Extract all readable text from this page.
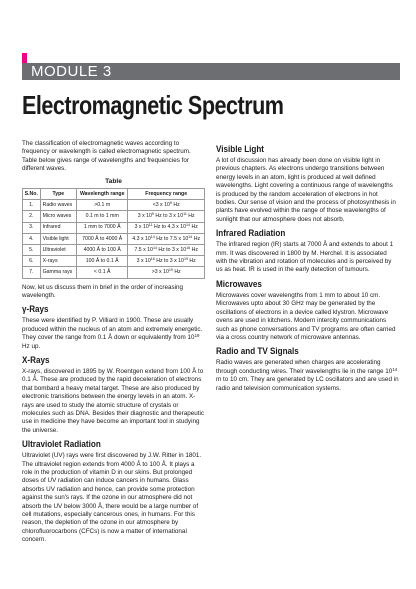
MODULE 3
Electromagnetic Spectrum

The classification of electromagnetic waves according to frequency or wavelength is called electromagnetic spectrum. Table below gives range of wavelengths and frequencies for different waves.

Table
S.No.	Type	Wavelength range	Frequency range
1.	Radio waves	>0.1 m	<3 x $10^9$ Hz
2.	Micro waves	0.1 m to 1 mm	3 x $10^9$ Hz to 3 x $10^{11}$ Hz
3.	Infrared	1 mm to 7000 Å	3 x $10^{11}$ Hz to 4.3 x $10^{14}$ Hz
4.	Visible light	7000 Å to 4000 Å	4.3 x $10^{14}$ Hz to 7.5 x $10^{14}$ Hz
5.	Ultraviolet	4000 Å to 100 Å	7.5 x $10^{14}$ Hz to 3 x $10^{16}$ Hz
6.	X-rays	100 Å to 0.1 Å	3 x $10^{16}$ Hz to 3 x $10^{19}$ Hz
7.	Gamma rays	< 0.1 Å	>3 x $10^{19}$ Hz

Now, let us discuss them in brief in the order of increasing wavelength.

γ-Rays

These were identified by P. Villiard in 1900. These are usually produced within the nucleus of an atom and extremely energetic. They cover the range from 0.1 Å down or equivalently from $10^{19}$ Hz up.

X-Rays

X-rays, discovered in 1895 by W. Roentgen extend from 100 Å to 0.1 Å. These are produced by the rapid deceleration of electrons that bombard a heavy metal target. These are also produced by electronic transitions between the energy levels in an atom. X-rays are used to study the atomic structure of crystals or molecules such as DNA. Besides their diagnostic and therapeutic use in medicine they have become an important tool in studying the universe.

Ultraviolet Radiation

Ultraviolet (UV) rays were first discovered by J.W. Ritter in 1801. The ultraviolet region extends from 4000 Å to 100 Å. It plays a role in the production of vitamin D in our skins. But prolonged doses of UV radiation can induce cancers in humans. Glass absorbs UV radiation and hence, can provide some protection against the sun's rays. If the ozone in our atmosphere did not absorb the UV below 3000 Å, there would be a large number of cell mutations, especially cancerous ones, in humans. For this reason, the depletion of the ozone in our atmosphere by chlorofluorocarbons (CFCs) is now a matter of international concern.

Visible Light

A lot of discussion has already been done on visible light in previous chapters. As electrons undergo transitions between energy levels in an atom, light is produced at well defined wavelengths. Light covering a continuous range of wavelengths is produced by the random acceleration of electrons in hot bodies. Our sense of vision and the process of photosynthesis in plants have evolved within the range of those wavelengths of sunlight that our atmosphere does not absorb.

Infrared Radiation

The infrared region (IR) starts at 7000 Å and extends to about 1 mm. It was discovered in 1800 by M. Herchel. It is associated with the vibration and rotation of molecules and is perceived by us as heat. IR is used in the early detection of tumours.

Microwaves

Microwaves cover wavelengths from 1 mm to about 10 cm. Microwaves upto about 30 GHz may be generated by the oscillations of electrons in a device called klystron. Microwave ovens are used in kitchens. Modern intercity communications such as phone conversations and TV programs are often carried via a cross country network of microwave antennas.

Radio and TV Signals

Radio waves are generated when charges are accelerating through conducting wires. Their wavelengths lie in the range $10^{14}$ m to 10 cm. They are generated by LC oscillators and are used in radio and television communication systems.
